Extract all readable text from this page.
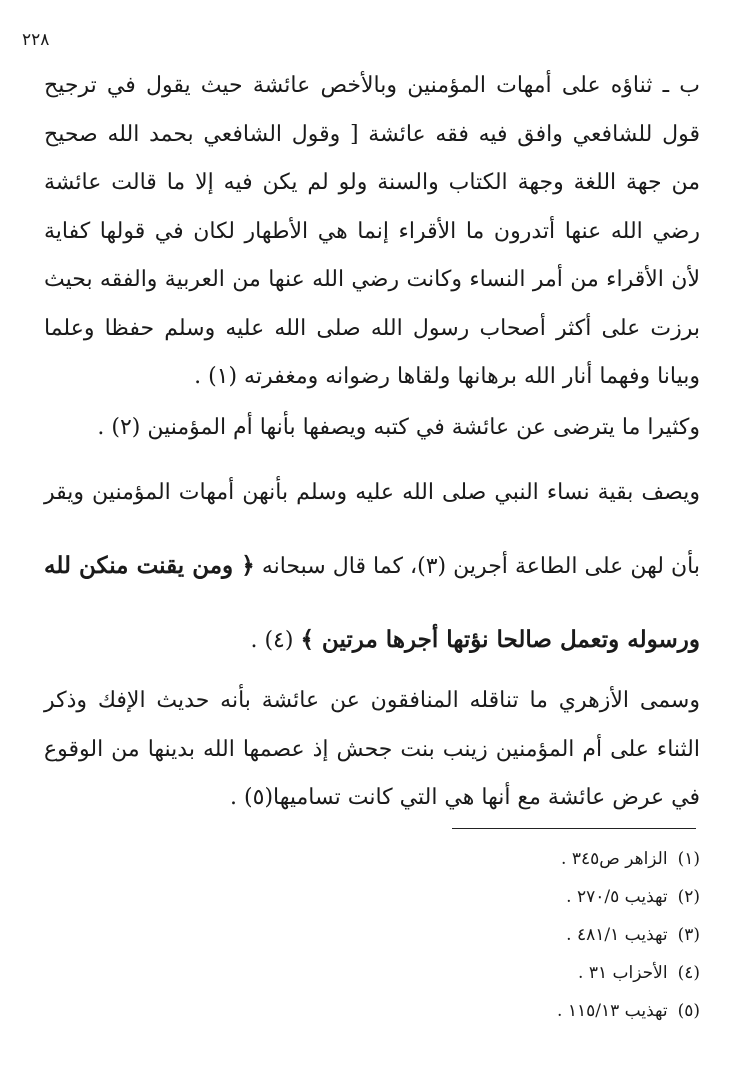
٢٢٨

ب ـ ثناؤه على أمهات المؤمنين وبالأخص عائشة حيث يقول في ترجيح قول للشافعي وافق فيه فقه عائشة [ وقول الشافعي بحمد الله صحيح من جهة اللغة وجهة الكتاب والسنة ولو لم يكن فيه إلا ما قالت عائشة رضي الله عنها أتدرون ما الأقراء إنما هي الأطهار لكان في قولها كفاية لأن الأقراء من أمر النساء وكانت رضي الله عنها من العربية والفقه بحيث برزت على أكثر أصحاب رسول الله صلى الله عليه وسلم حفظا وعلما وبيانا وفهما أنار الله برهانها ولقاها رضوانه ومغفرته (١) .

وكثيرا ما يترضى عن عائشة في كتبه ويصفها بأنها أم المؤمنين (٢) .

ويصف بقية نساء النبي صلى الله عليه وسلم بأنهن أمهات المؤمنين ويقر بأن لهن على الطاعة أجرين (٣)، كما قال سبحانه ﴿ ومن يقنت منكن لله ورسوله وتعمل صالحا نؤتها أجرها مرتين ﴾ (٤) .

وسمى الأزهري ما تناقله المنافقون عن عائشة بأنه حديث الإفك وذكر الثناء على أم المؤمنين زينب بنت جحش إذ عصمها الله بدينها من الوقوع في عرض عائشة مع أنها هي التي كانت تساميها(٥) .

(١)الزاهر ص٣٤٥ .

(٢)تهذيب ٢٧٠/٥ .

(٣)تهذيب ٤٨١/١ .

(٤)الأحزاب ٣١ .

(٥)تهذيب ١١٥/١٣ .
